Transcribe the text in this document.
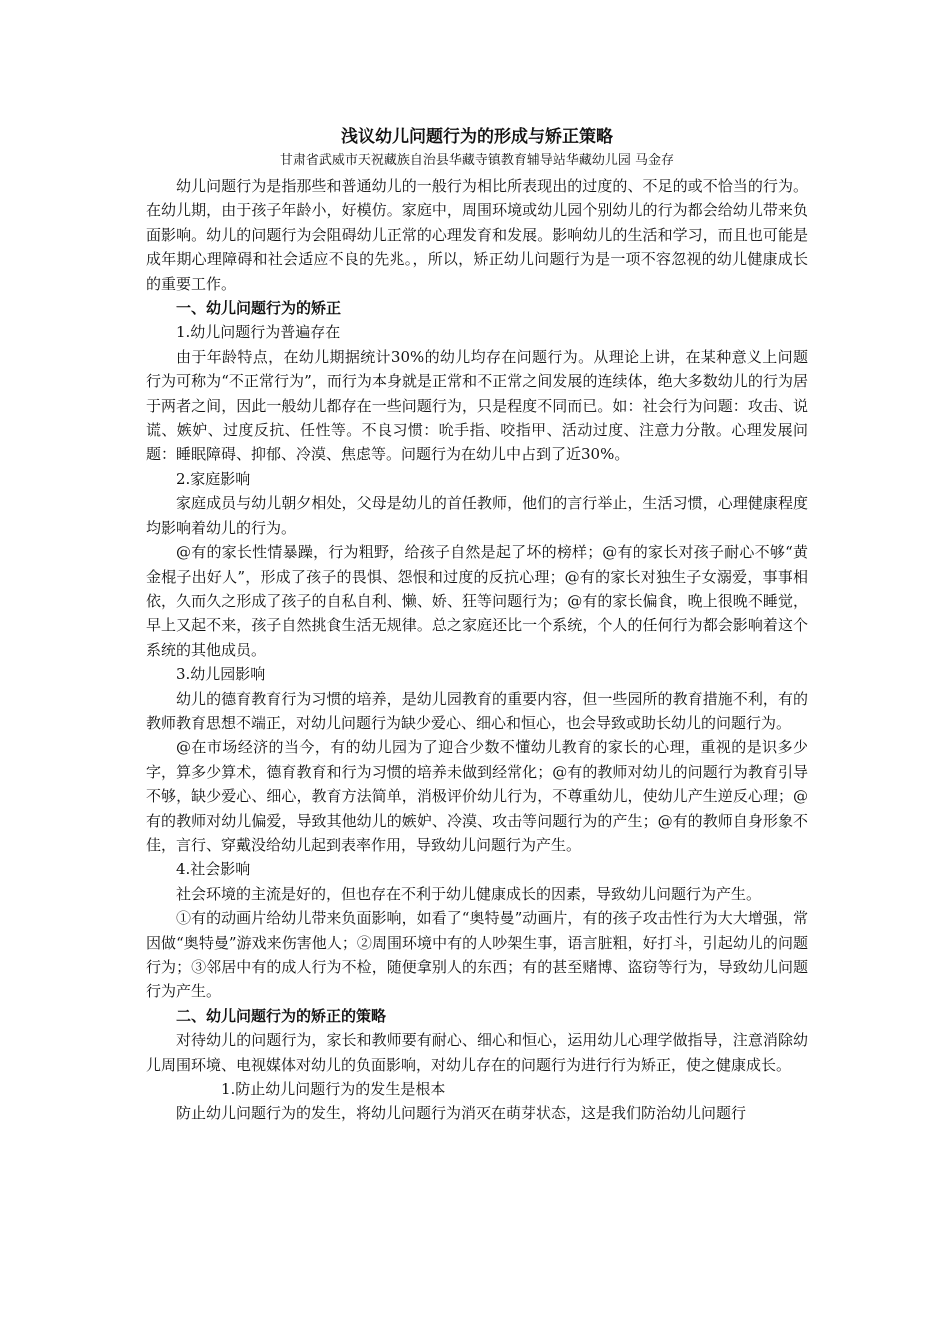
浅议幼儿问题行为的形成与矫正策略

甘肃省武威市天祝藏族自治县华藏寺镇教育辅导站华藏幼儿园 马金存

幼儿问题行为是指那些和普通幼儿的一般行为相比所表现出的过度的、不足的或不恰当的行为。在幼儿期，由于孩子年龄小，好模仿。家庭中，周围环境或幼儿园个别幼儿的行为都会给幼儿带来负面影响。幼儿的问题行为会阻碍幼儿正常的心理发育和发展。影响幼儿的生活和学习，而且也可能是成年期心理障碍和社会适应不良的先兆。，所以，矫正幼儿问题行为是一项不容忽视的幼儿健康成长的重要工作。

一、幼儿问题行为的矫正

1.幼儿问题行为普遍存在

由于年龄特点，在幼儿期据统计30%的幼儿均存在问题行为。从理论上讲，在某种意义上问题行为可称为“不正常行为”，而行为本身就是正常和不正常之间发展的连续体，绝大多数幼儿的行为居于两者之间，因此一般幼儿都存在一些问题行为，只是程度不同而已。如：社会行为问题：攻击、说谎、嫉妒、过度反抗、任性等。不良习惯：吮手指、咬指甲、活动过度、注意力分散。心理发展问题：睡眠障碍、抑郁、冷漠、焦虑等。问题行为在幼儿中占到了近30%。

2.家庭影响

家庭成员与幼儿朝夕相处，父母是幼儿的首任教师，他们的言行举止，生活习惯，心理健康程度均影响着幼儿的行为。

@有的家长性情暴躁，行为粗野，给孩子自然是起了坏的榜样；@有的家长对孩子耐心不够“黄金棍子出好人”，形成了孩子的畏惧、怨恨和过度的反抗心理；@有的家长对独生子女溺爱，事事相依，久而久之形成了孩子的自私自利、懒、娇、狂等问题行为；@有的家长偏食，晚上很晚不睡觉，早上又起不来，孩子自然挑食生活无规律。总之家庭还比一个系统，个人的任何行为都会影响着这个系统的其他成员。

3.幼儿园影响

幼儿的德育教育行为习惯的培养，是幼儿园教育的重要内容，但一些园所的教育措施不利，有的教师教育思想不端正，对幼儿问题行为缺少爱心、细心和恒心，也会导致或助长幼儿的问题行为。

@在市场经济的当今，有的幼儿园为了迎合少数不懂幼儿教育的家长的心理，重视的是识多少字，算多少算术，德育教育和行为习惯的培养未做到经常化；@有的教师对幼儿的问题行为教育引导不够，缺少爱心、细心，教育方法简单，消极评价幼儿行为，不尊重幼儿，使幼儿产生逆反心理；@有的教师对幼儿偏爱，导致其他幼儿的嫉妒、冷漠、攻击等问题行为的产生；@有的教师自身形象不佳，言行、穿戴没给幼儿起到表率作用，导致幼儿问题行为产生。

4.社会影响

社会环境的主流是好的，但也存在不利于幼儿健康成长的因素，导致幼儿问题行为产生。

①有的动画片给幼儿带来负面影响，如看了“奥特曼”动画片，有的孩子攻击性行为大大增强，常因做“奥特曼”游戏来伤害他人；②周围环境中有的人吵架生事，语言脏粗，好打斗，引起幼儿的问题行为；③邻居中有的成人行为不检，随便拿别人的东西；有的甚至赌博、盗窃等行为，导致幼儿问题行为产生。

二、幼儿问题行为的矫正的策略

对待幼儿的问题行为，家长和教师要有耐心、细心和恒心，运用幼儿心理学做指导，注意消除幼儿周围环境、电视媒体对幼儿的负面影响，对幼儿存在的问题行为进行行为矫正，使之健康成长。

1.防止幼儿问题行为的发生是根本

防止幼儿问题行为的发生，将幼儿问题行为消灭在萌芽状态，这是我们防治幼儿问题行
